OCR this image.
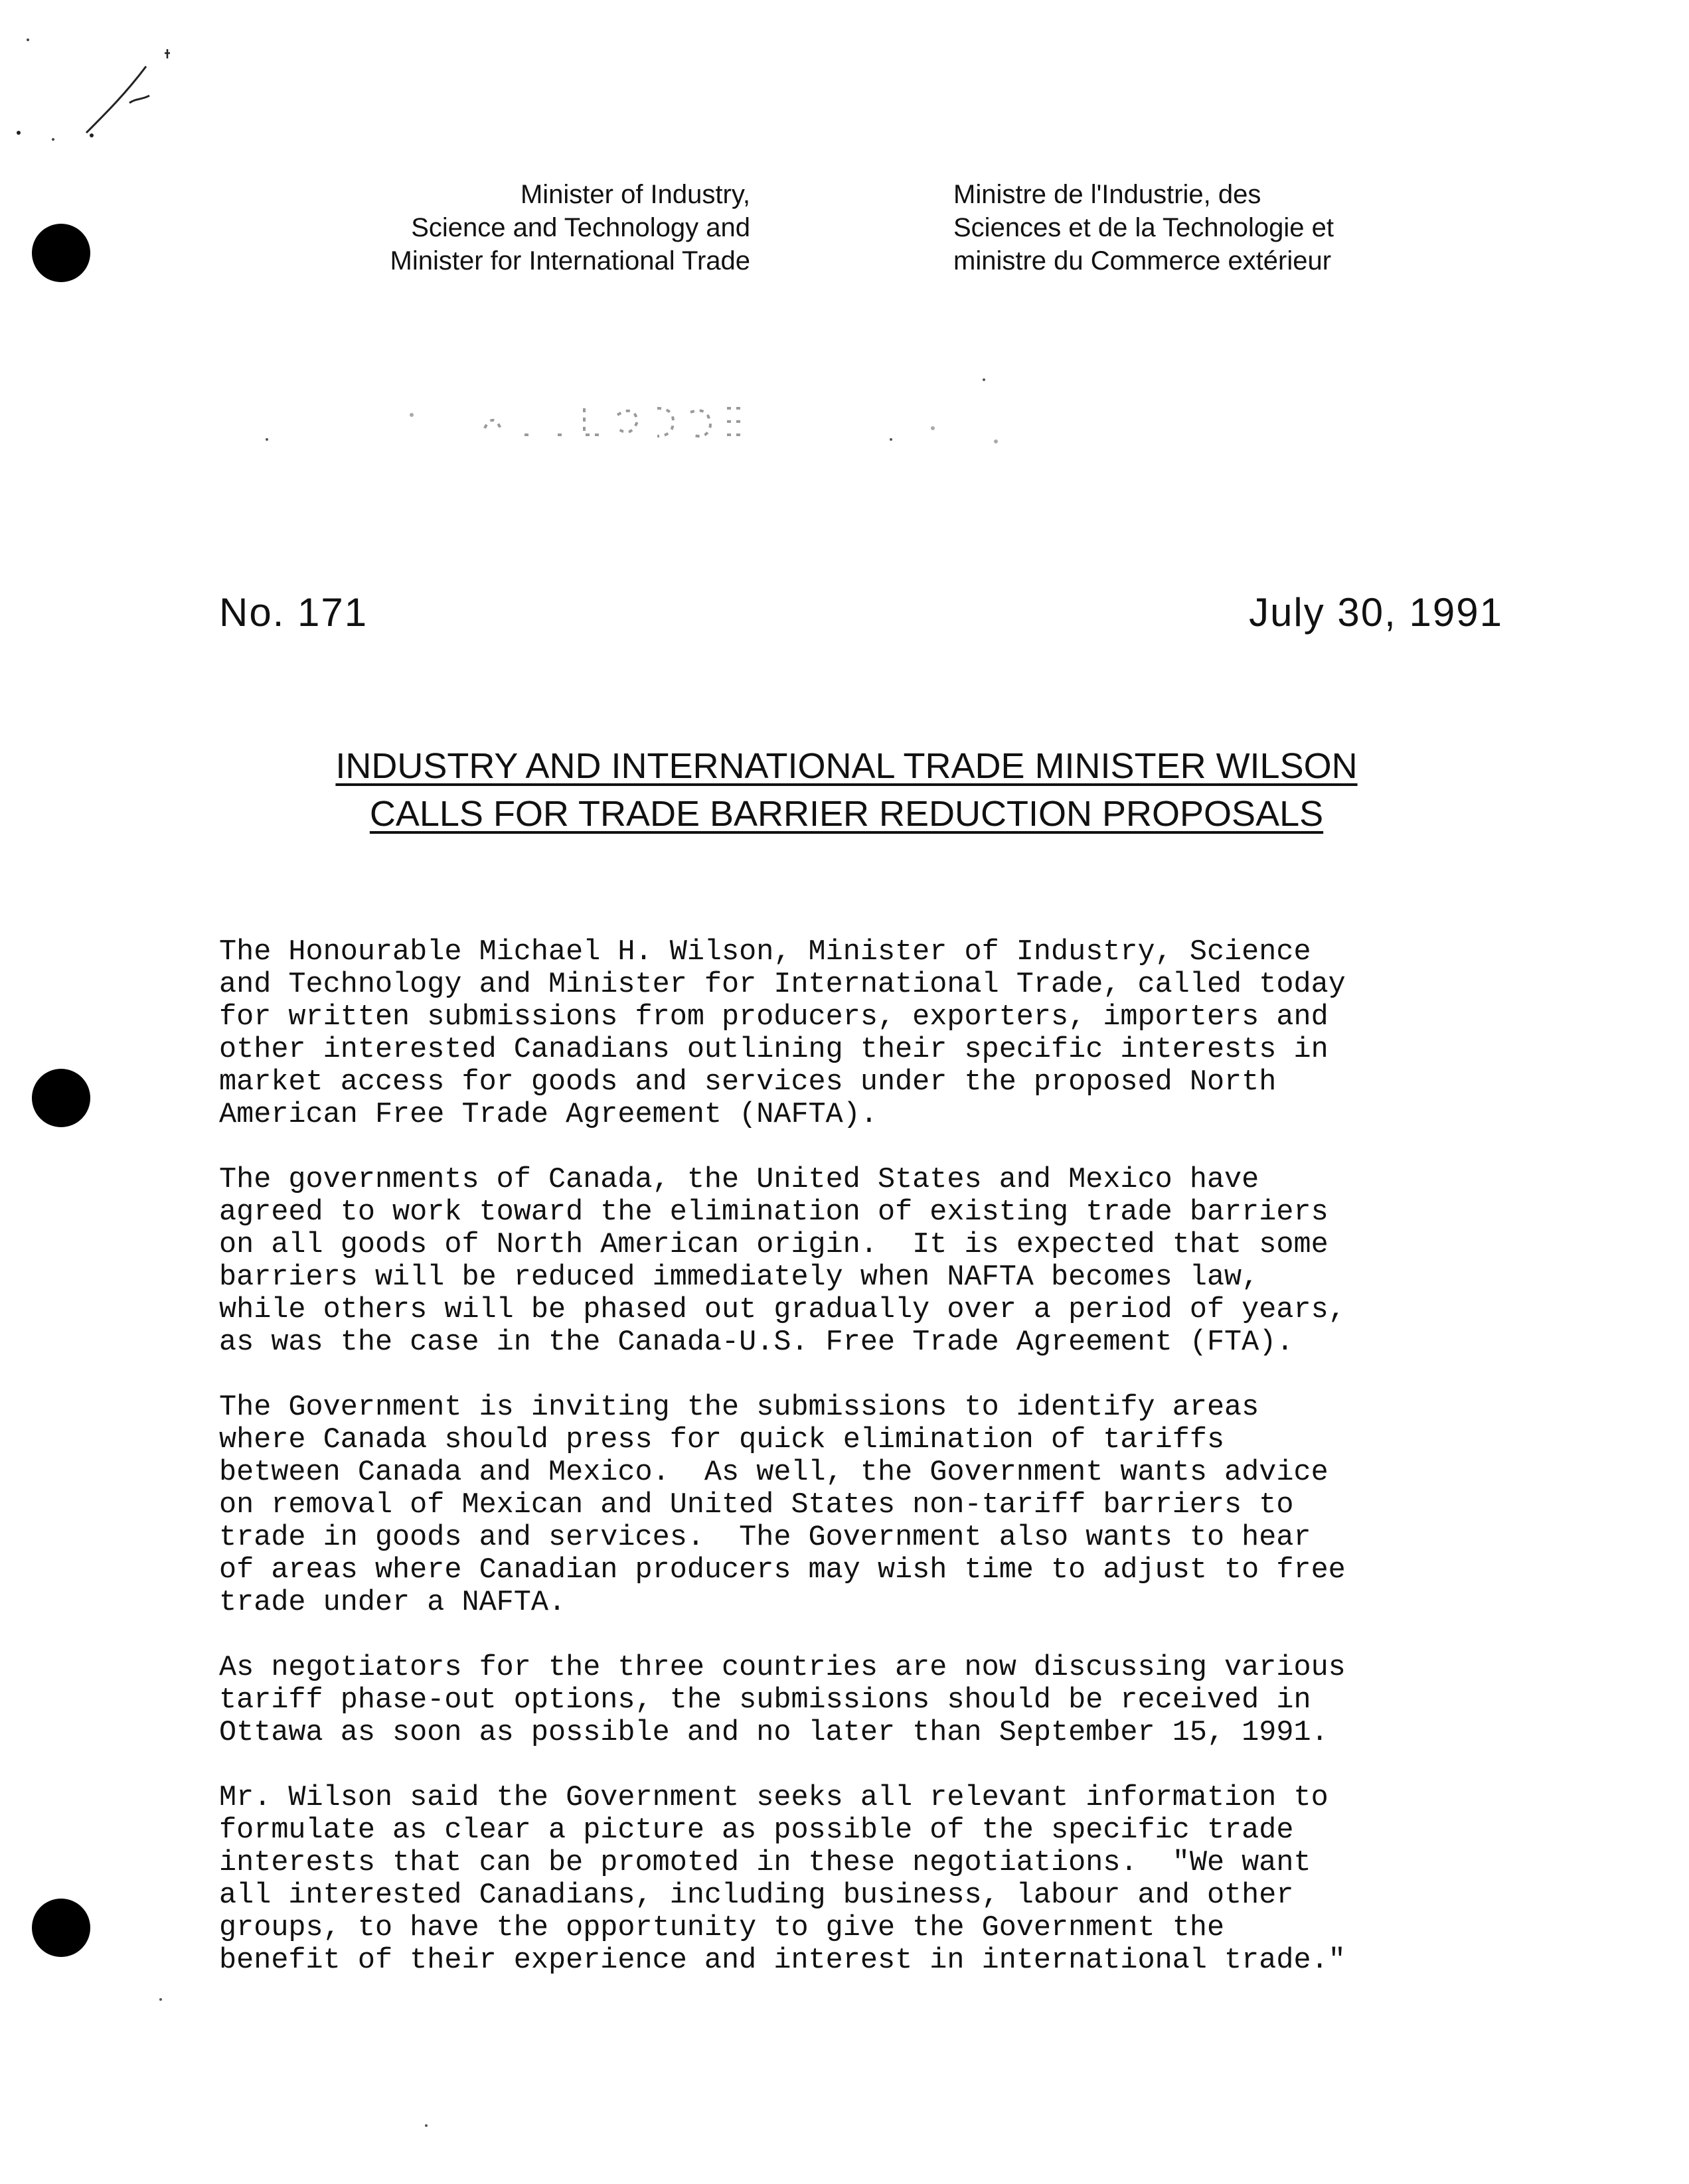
Minister of Industry,
Science and Technology and
Minister for International Trade
Ministre de l'Industrie, des
Sciences et de la Technologie et
ministre du Commerce extérieur
No. 171	July 30, 1991
INDUSTRY AND INTERNATIONAL TRADE MINISTER WILSON
CALLS FOR TRADE BARRIER REDUCTION PROPOSALS
The Honourable Michael H. Wilson, Minister of Industry, Science
and Technology and Minister for International Trade, called today
for written submissions from producers, exporters, importers and
other interested Canadians outlining their specific interests in
market access for goods and services under the proposed North
American Free Trade Agreement (NAFTA).
The governments of Canada, the United States and Mexico have
agreed to work toward the elimination of existing trade barriers
on all goods of North American origin.  It is expected that some
barriers will be reduced immediately when NAFTA becomes law,
while others will be phased out gradually over a period of years,
as was the case in the Canada-U.S. Free Trade Agreement (FTA).
The Government is inviting the submissions to identify areas
where Canada should press for quick elimination of tariffs
between Canada and Mexico.  As well, the Government wants advice
on removal of Mexican and United States non-tariff barriers to
trade in goods and services.  The Government also wants to hear
of areas where Canadian producers may wish time to adjust to free
trade under a NAFTA.
As negotiators for the three countries are now discussing various
tariff phase-out options, the submissions should be received in
Ottawa as soon as possible and no later than September 15, 1991.
Mr. Wilson said the Government seeks all relevant information to
formulate as clear a picture as possible of the specific trade
interests that can be promoted in these negotiations.  "We want
all interested Canadians, including business, labour and other
groups, to have the opportunity to give the Government the
benefit of their experience and interest in international trade."
